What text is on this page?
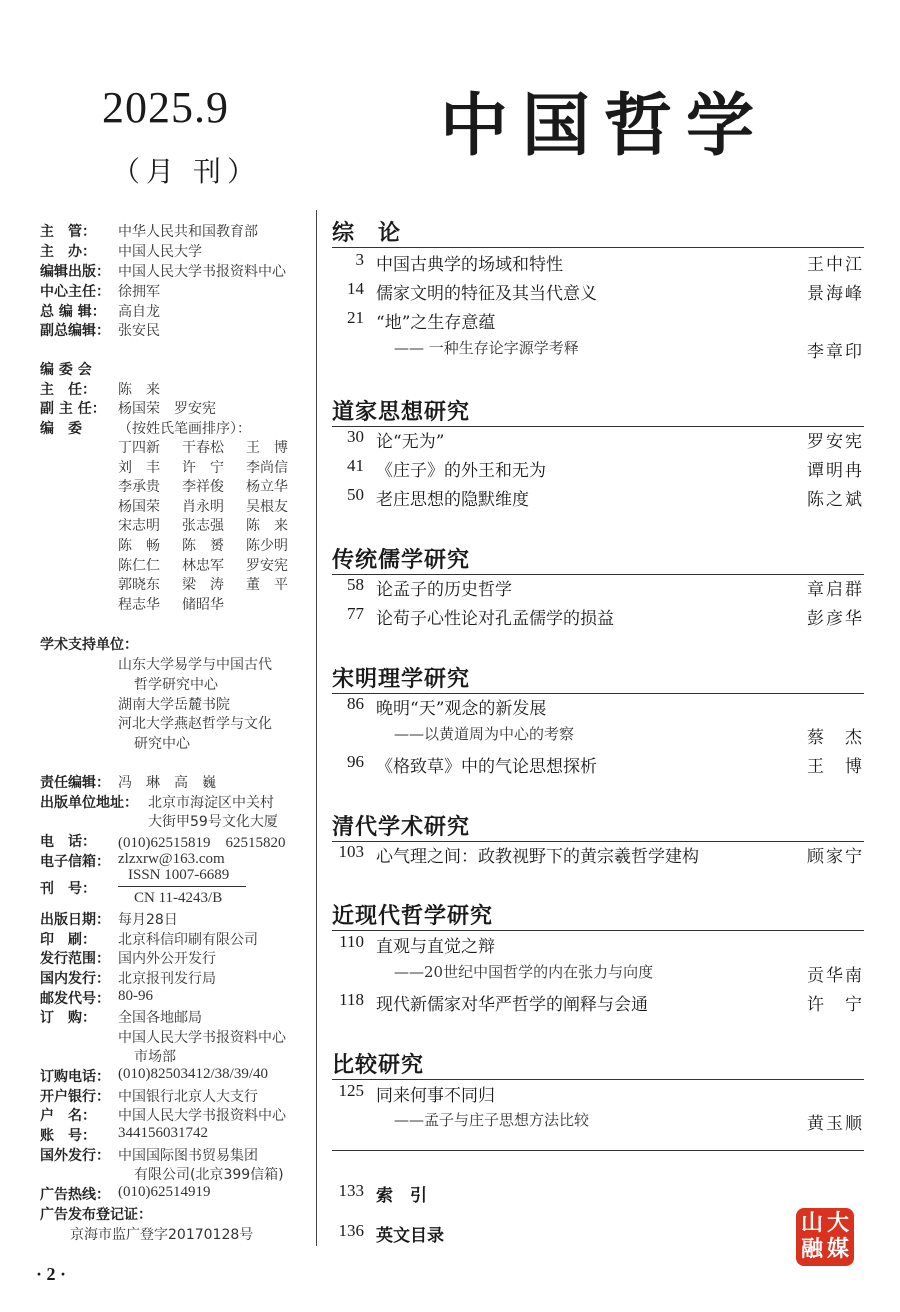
2025.9
（月 刊）
中国哲学
主　管：	中华人民共和国教育部
主　办：	中国人民大学
编辑出版： 中国人民大学书报资料中心
中心主任： 徐拥军
总 编 辑： 高自龙
副总编辑： 张安民
编 委 会
主　任：	陈　来
副 主 任： 杨国荣　罗安宪
编　委	（按姓氏笔画排序）：
丁四新 干春松 王　博
刘　丰 许　宁 李尚信
李承贵 李祥俊 杨立华
杨国荣 肖永明 吴根友
宋志明 张志强 陈　来
陈　畅 陈　赟 陈少明
陈仁仁 林忠军 罗安宪
郭晓东 梁　涛 董　平
程志华 储昭华
学术支持单位：
山东大学易学与中国古代
哲学研究中心
湖南大学岳麓书院
河北大学燕赵哲学与文化
研究中心
责任编辑： 冯　琳　高　巍
出版单位地址： 北京市海淀区中关村
大街甲59号文化大厦
电　话：	(010)62515819　62515820
电子信箱： zlzxrw@163.com
刊　号：
ISSN 1007-6689
CN 11-4243/B
出版日期： 每月28日
印　刷：	北京科信印刷有限公司
发行范围： 国内外公开发行
国内发行： 北京报刊发行局
邮发代号： 80-96
订　购：	全国各地邮局
中国人民大学书报资料中心
市场部
订购电话： (010)82503412/38/39/40
开户银行： 中国银行北京人大支行
户　名：	中国人民大学书报资料中心
账　号：	344156031742
国外发行： 中国国际图书贸易集团
有限公司(北京399信箱)
广告热线： (010)62514919
广告发布登记证：
京海市监广登字20170128号
综　论
3 中国古典学的场域和特性	王中江
14 儒家文明的特征及其当代意义	景海峰
21 “地”之生存意蕴
—— 一种生存论字源学考释	李章印
道家思想研究
30 论“无为”	罗安宪
41 《庄子》的外王和无为	谭明冉
50 老庄思想的隐默维度	陈之斌
传统儒学研究
58 论孟子的历史哲学	章启群
77 论荀子心性论对孔孟儒学的损益	彭彦华
宋明理学研究
86 晚明“天”观念的新发展
——以黄道周为中心的考察	蔡　杰
96 《格致草》中的气论思想探析	王　博
清代学术研究
103 心气理之间：政教视野下的黄宗羲哲学建构	顾家宁
近现代哲学研究
110 直观与直觉之辩
——20世纪中国哲学的内在张力与向度	贡华南
118 现代新儒家对华严哲学的阐释与会通	许　宁
比较研究
125 同来何事不同归
——孟子与庄子思想方法比较	黄玉顺
133 索　引
136 英文目录
· 2 ·
山 大
融 媒
